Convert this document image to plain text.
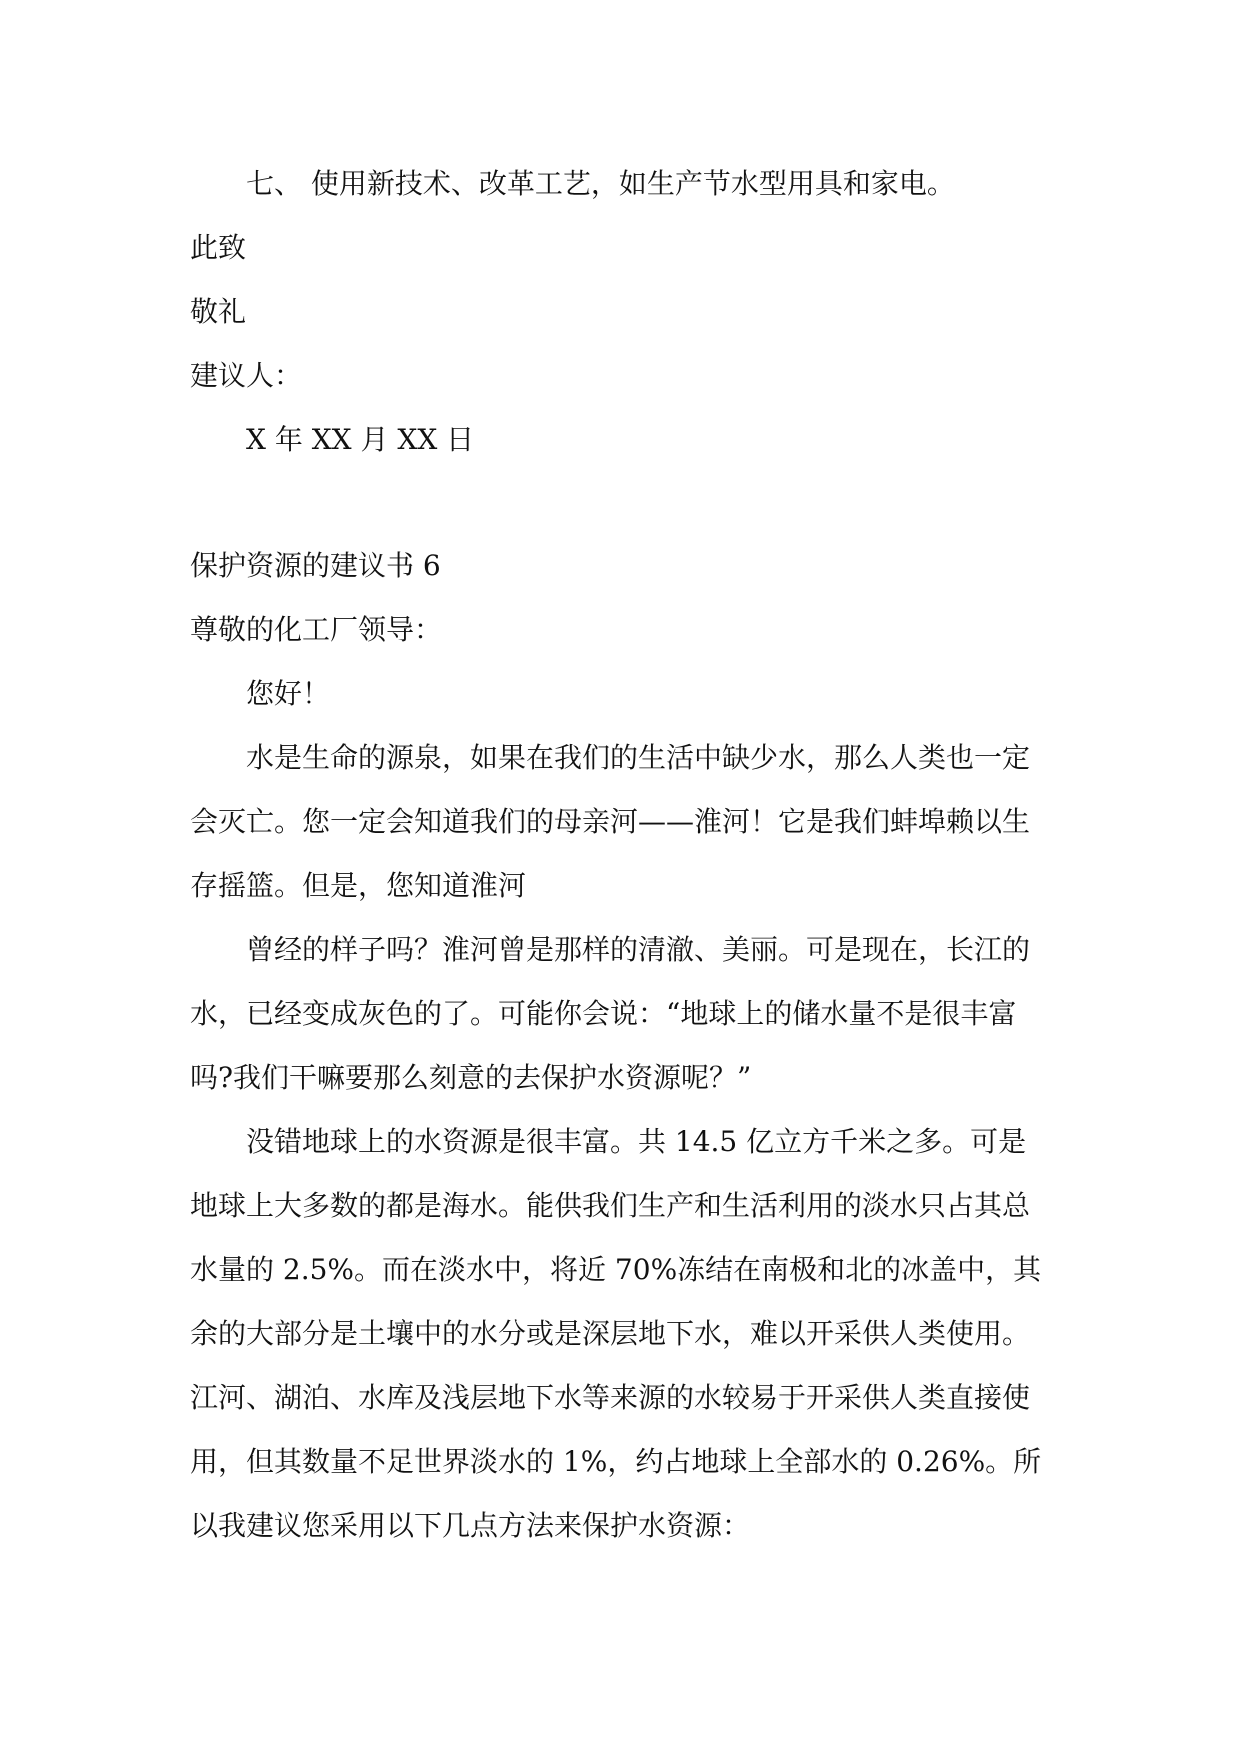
七、 使用新技术、改革工艺，如生产节水型用具和家电。
此致
敬礼
建议人：
X 年 XX 月 XX 日
保护资源的建议书 6
尊敬的化工厂领导：
您好！
水是生命的源泉，如果在我们的生活中缺少水，那么人类也一定
会灭亡。您一定会知道我们的母亲河——淮河！它是我们蚌埠赖以生
存摇篮。但是，您知道淮河
曾经的样子吗？淮河曾是那样的清澈、美丽。可是现在，长江的
水，已经变成灰色的了。可能你会说：“地球上的储水量不是很丰富
吗?我们干嘛要那么刻意的去保护水资源呢？”
没错地球上的水资源是很丰富。共 14.5 亿立方千米之多。可是
地球上大多数的都是海水。能供我们生产和生活利用的淡水只占其总
水量的 2.5%。而在淡水中，将近 70%冻结在南极和北的冰盖中，其
余的大部分是土壤中的水分或是深层地下水，难以开采供人类使用。
江河、湖泊、水库及浅层地下水等来源的水较易于开采供人类直接使
用，但其数量不足世界淡水的 1%，约占地球上全部水的 0.26%。所
以我建议您采用以下几点方法来保护水资源：
